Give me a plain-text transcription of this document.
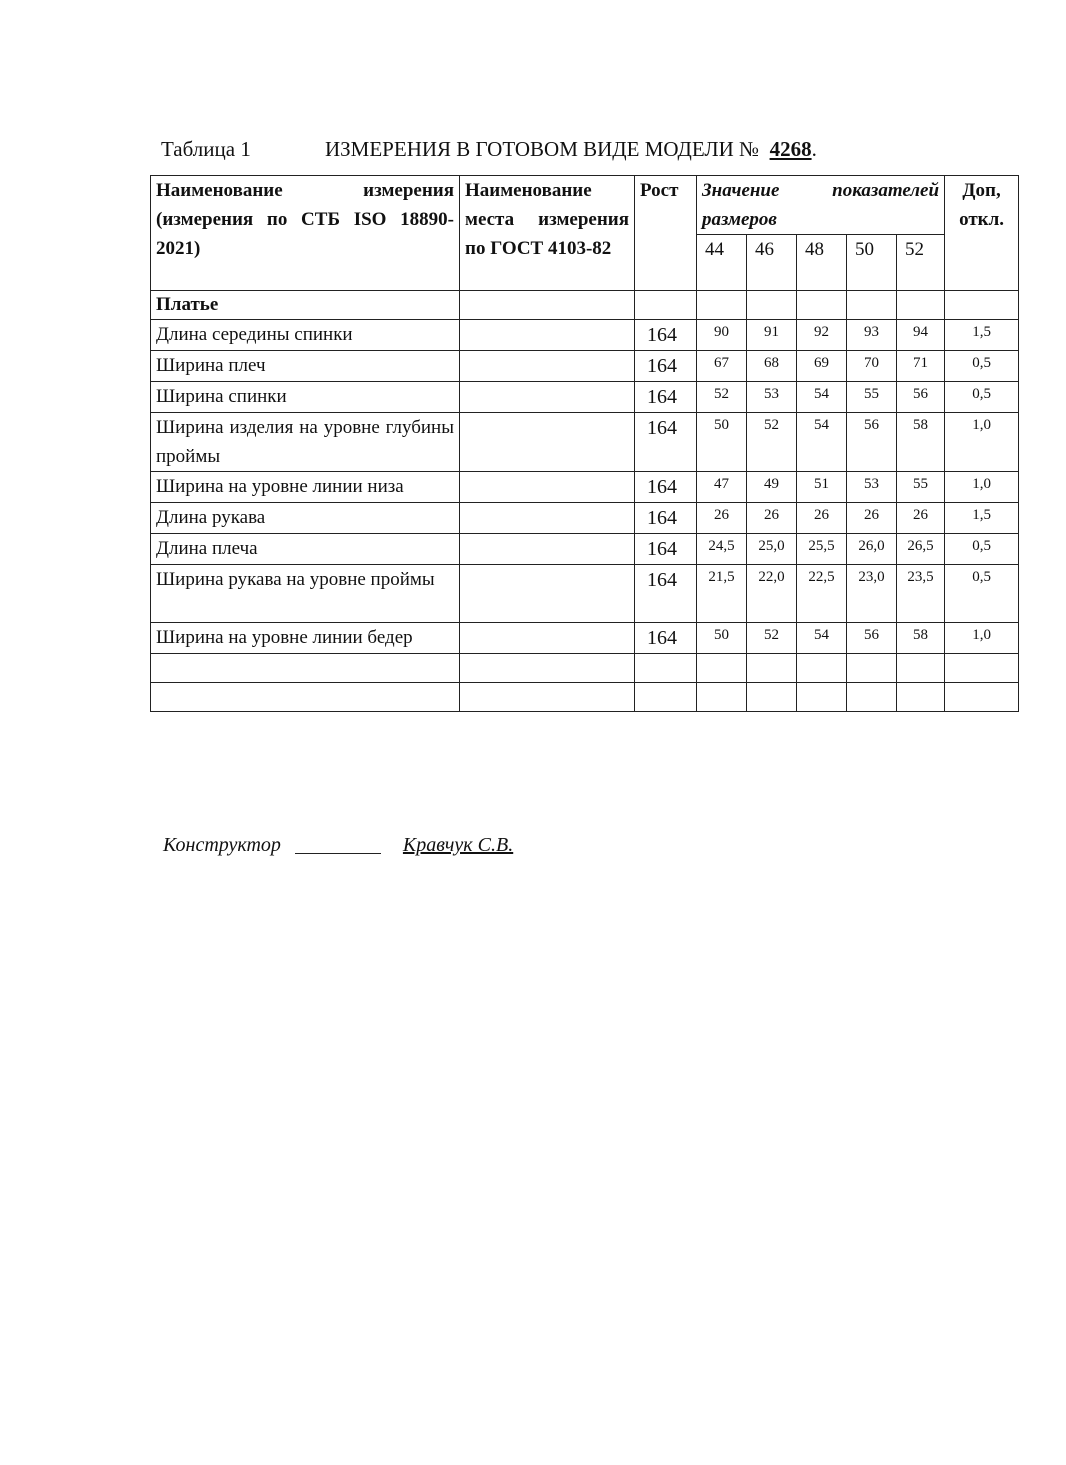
Таблица 1	ИЗМЕРЕНИЯ В ГОТОВОМ ВИДЕ МОДЕЛИ № 4268.
Наименование измерения (измерения по СТБ ISO 18890-2021)	Наименование места измерения по ГОСТ 4103-82	Рост	Значение показателей размеров					Доп, откл.
			44	46	48	50	52	
Платье								
Длина середины спинки		164	90	91	92	93	94	1,5
Ширина плеч		164	67	68	69	70	71	0,5
Ширина спинки		164	52	53	54	55	56	0,5
Ширина изделия на уровне глубины проймы		164	50	52	54	56	58	1,0
Ширина на уровне линии низа		164	47	49	51	53	55	1,0
Длина рукава		164	26	26	26	26	26	1,5
Длина плеча		164	24,5	25,0	25,5	26,0	26,5	0,5
Ширина рукава на уровне проймы		164	21,5	22,0	22,5	23,0	23,5	0,5
Ширина на уровне линии бедер		164	50	52	54	56	58	1,0

Конструктор	Кравчук С.В.
